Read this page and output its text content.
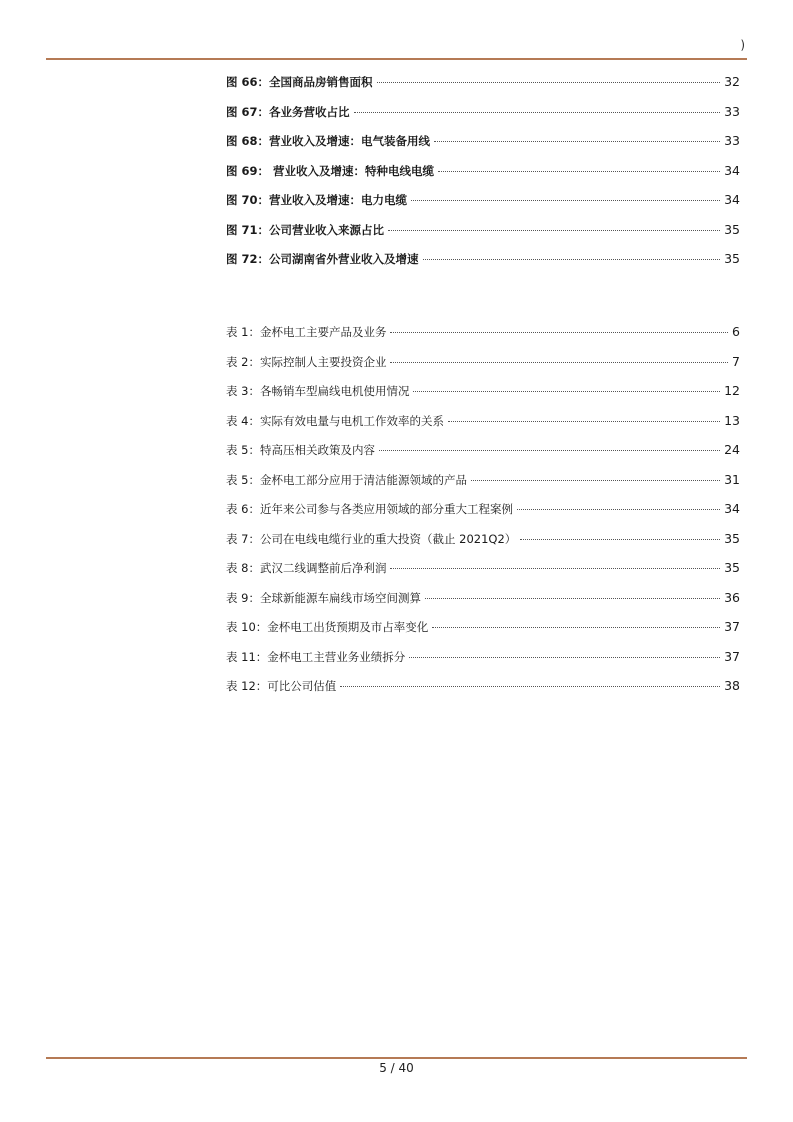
)
图 66：全国商品房销售面积	32
图 67：各业务营收占比	33
图 68：营业收入及增速：电气装备用线	33
图 69： 营业收入及增速：特种电线电缆	34
图 70：营业收入及增速：电力电缆	34
图 71：公司营业收入来源占比	35
图 72：公司湖南省外营业收入及增速	35
表 1：金杯电工主要产品及业务	6
表 2：实际控制人主要投资企业	7
表 3：各畅销车型扁线电机使用情况	12
表 4：实际有效电量与电机工作效率的关系	13
表 5：特高压相关政策及内容	24
表 5：金杯电工部分应用于清洁能源领域的产品	31
表 6：近年来公司参与各类应用领域的部分重大工程案例	34
表 7：公司在电线电缆行业的重大投资（截止 2021Q2）	35
表 8：武汉二线调整前后净利润	35
表 9：全球新能源车扁线市场空间测算	36
表 10：金杯电工出货预期及市占率变化	37
表 11：金杯电工主营业务业绩拆分	37
表 12：可比公司估值	38
5 / 40
